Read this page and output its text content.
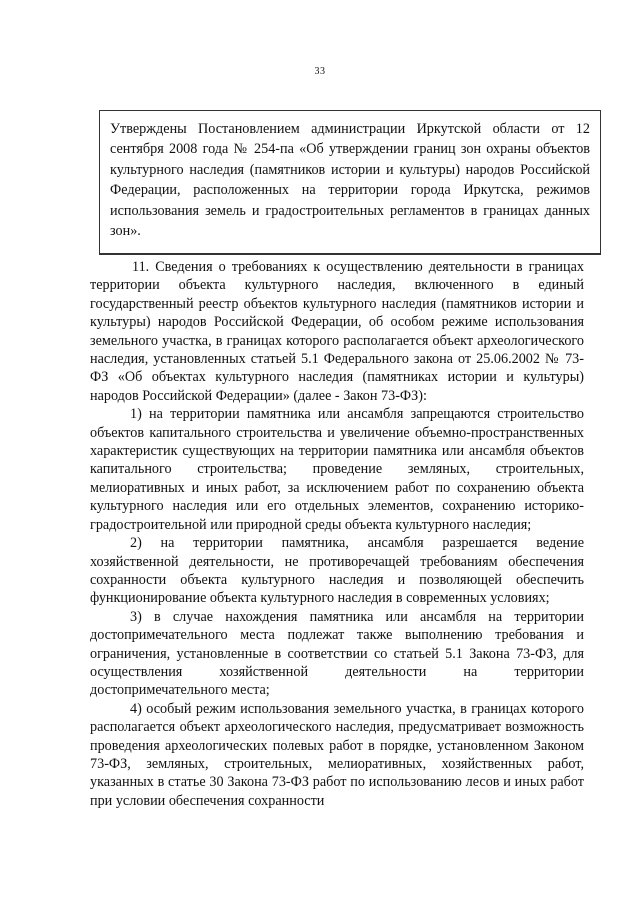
33
Утверждены Постановлением администрации Иркутской области от 12 сентября 2008 года № 254-па «Об утверждении границ зон охраны объектов культурного наследия (памятников истории и культуры) народов Российской Федерации, расположенных на территории города Иркутска, режимов использования земель и градостроительных регламентов в границах данных зон».

11. Сведения о требованиях к осуществлению деятельности в границах территории объекта культурного наследия, включенного в единый государственный реестр объектов культурного наследия (памятников истории и культуры) народов Российской Федерации, об особом режиме использования земельного участка, в границах которого располагается объект археологического наследия, установленных статьей 5.1 Федерального закона от 25.06.2002 № 73-ФЗ «Об объектах культурного наследия (памятниках истории и культуры) народов Российской Федерации» (далее - Закон 73-ФЗ):

1) на территории памятника или ансамбля запрещаются строительство объектов капитального строительства и увеличение объемно-пространственных характеристик существующих на территории памятника или ансамбля объектов капитального строительства; проведение земляных, строительных, мелиоративных и иных работ, за исключением работ по сохранению объекта культурного наследия или его отдельных элементов, сохранению историко-градостроительной или природной среды объекта культурного наследия;

2) на территории памятника, ансамбля разрешается ведение хозяйственной деятельности, не противоречащей требованиям обеспечения сохранности объекта культурного наследия и позволяющей обеспечить функционирование объекта культурного наследия в современных условиях;

3) в случае нахождения памятника или ансамбля на территории достопримечательного места подлежат также выполнению требования и ограничения, установленные в соответствии со статьей 5.1 Закона 73-ФЗ, для осуществления хозяйственной деятельности на территории достопримечательного места;

4) особый режим использования земельного участка, в границах которого располагается объект археологического наследия, предусматривает возможность проведения археологических полевых работ в порядке, установленном Законом 73-ФЗ, земляных, строительных, мелиоративных, хозяйственных работ, указанных в статье 30 Закона 73-ФЗ работ по использованию лесов и иных работ при условии обеспечения сохранности
